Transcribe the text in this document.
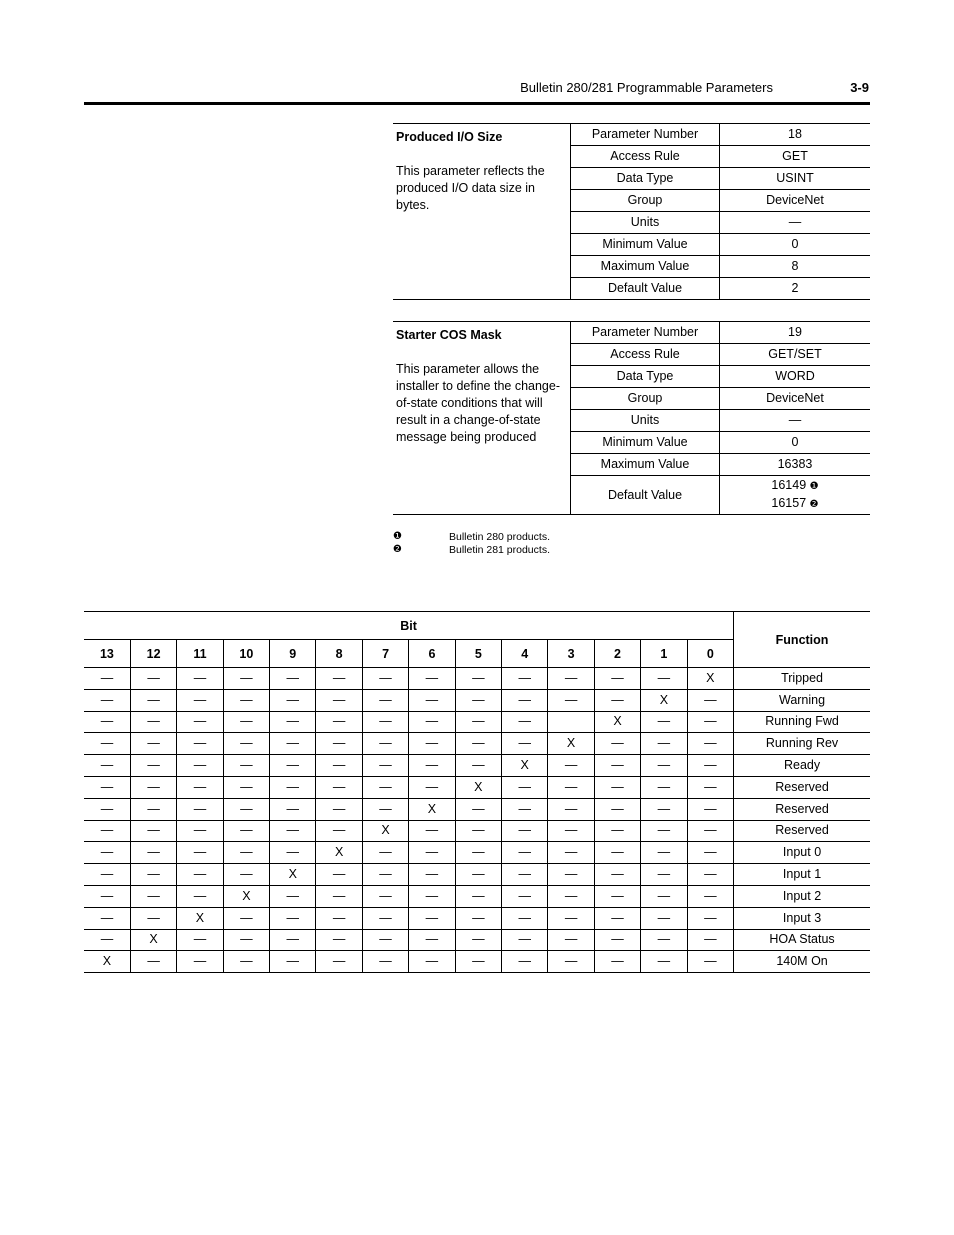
Bulletin 280/281 Programmable Parameters	3-9
Produced I/O Size
This parameter reflects the produced I/O data size in bytes.
Parameter Number	18
Access Rule	GET
Data Type	USINT
Group	DeviceNet
Units	—
Minimum Value	0
Maximum Value	8
Default Value	2
Starter COS Mask
This parameter allows the installer to define the change-of-state conditions that will result in a change-of-state message being produced
Parameter Number	19
Access Rule	GET/SET
Data Type	WORD
Group	DeviceNet
Units	—
Minimum Value	0
Maximum Value	16383
Default Value	16149 ❶
16157 ❷
❶	Bulletin 280 products.
❷	Bulletin 281 products.
Bit														Function
13	12	11	10	9	8	7	6	5	4	3	2	1	0	
—	—	—	—	—	—	—	—	—	—	—	—	—	X	Tripped
—	—	—	—	—	—	—	—	—	—	—	—	X	—	Warning
—	—	—	—	—	—	—	—	—	—		X	—	—	Running Fwd
—	—	—	—	—	—	—	—	—	—	X	—	—	—	Running Rev
—	—	—	—	—	—	—	—	—	X	—	—	—	—	Ready
—	—	—	—	—	—	—	—	X	—	—	—	—	—	Reserved
—	—	—	—	—	—	—	X	—	—	—	—	—	—	Reserved
—	—	—	—	—	—	X	—	—	—	—	—	—	—	Reserved
—	—	—	—	—	X	—	—	—	—	—	—	—	—	Input 0
—	—	—	—	X	—	—	—	—	—	—	—	—	—	Input 1
—	—	—	X	—	—	—	—	—	—	—	—	—	—	Input 2
—	—	X	—	—	—	—	—	—	—	—	—	—	—	Input 3
—	X	—	—	—	—	—	—	—	—	—	—	—	—	HOA Status
X	—	—	—	—	—	—	—	—	—	—	—	—	—	140M On
